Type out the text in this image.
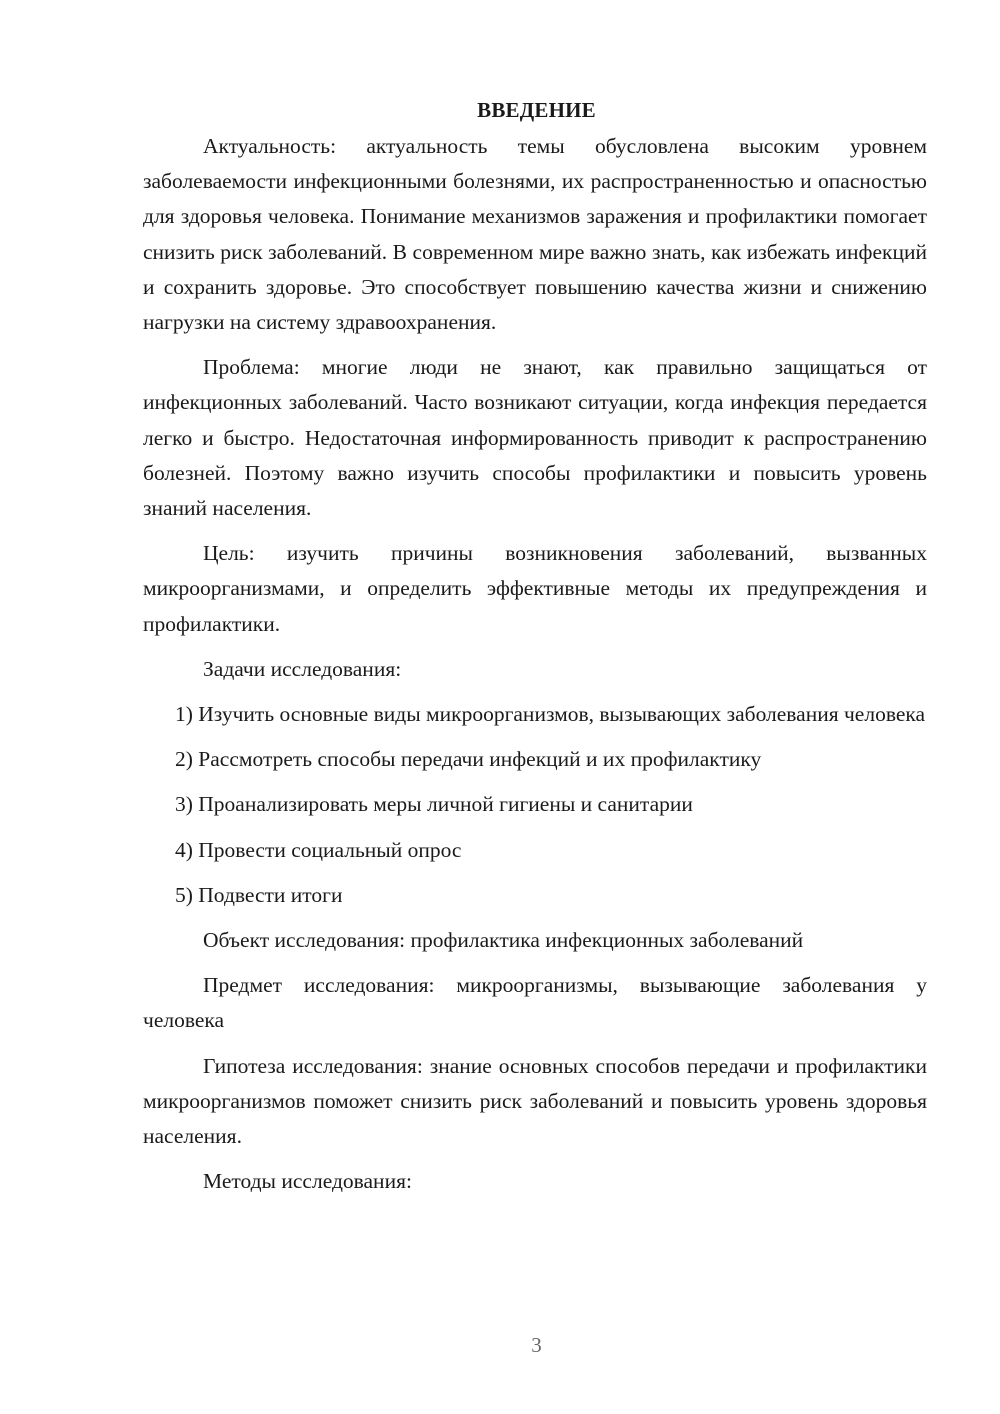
ВВЕДЕНИЕ

Актуальность: актуальность темы обусловлена высоким уровнем заболеваемости инфекционными болезнями, их распространенностью и опасностью для здоровья человека. Понимание механизмов заражения и профилактики помогает снизить риск заболеваний. В современном мире важно знать, как избежать инфекций и сохранить здоровье. Это способствует повышению качества жизни и снижению нагрузки на систему здравоохранения.

Проблема: многие люди не знают, как правильно защищаться от инфекционных заболеваний. Часто возникают ситуации, когда инфекция передается легко и быстро. Недостаточная информированность приводит к распространению болезней. Поэтому важно изучить способы профилактики и повысить уровень знаний населения.

Цель: изучить причины возникновения заболеваний, вызванных микроорганизмами, и определить эффективные методы их предупреждения и профилактики.

Задачи исследования:

1) Изучить основные виды микроорганизмов, вызывающих заболевания человека

2) Рассмотреть способы передачи инфекций и их профилактику

3) Проанализировать меры личной гигиены и санитарии

4) Провести социальный опрос

5) Подвести итоги

Объект исследования: профилактика инфекционных заболеваний

Предмет исследования: микроорганизмы, вызывающие заболевания у человека

Гипотеза исследования: знание основных способов передачи и профилактики микроорганизмов поможет снизить риск заболеваний и повысить уровень здоровья населения.

Методы исследования:

3
